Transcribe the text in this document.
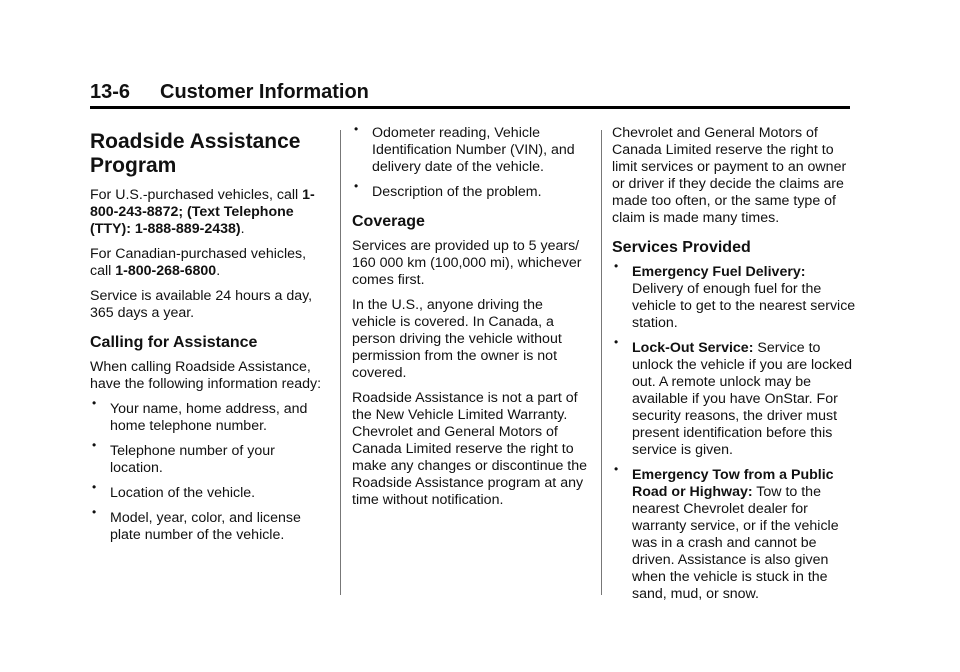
13-6 Customer Information
Roadside Assistance Program

For U.S.-purchased vehicles, call 1-800-243-8872; (Text Telephone (TTY): 1-888-889-2438).

For Canadian-purchased vehicles, call 1-800-268-6800.

Service is available 24 hours a day, 365 days a year.

Calling for Assistance

When calling Roadside Assistance, have the following information ready:

• Your name, home address, and home telephone number.
• Telephone number of your location.
• Location of the vehicle.
• Model, year, color, and license plate number of the vehicle.
• Odometer reading, Vehicle Identification Number (VIN), and delivery date of the vehicle.
• Description of the problem.
Coverage

Services are provided up to 5 years/ 160 000 km (100,000 mi), whichever comes first.

In the U.S., anyone driving the vehicle is covered. In Canada, a person driving the vehicle without permission from the owner is not covered.

Roadside Assistance is not a part of the New Vehicle Limited Warranty. Chevrolet and General Motors of Canada Limited reserve the right to make any changes or discontinue the Roadside Assistance program at any time without notification.

Chevrolet and General Motors of Canada Limited reserve the right to limit services or payment to an owner or driver if they decide the claims are made too often, or the same type of claim is made many times.

Services Provided
• Emergency Fuel Delivery: Delivery of enough fuel for the vehicle to get to the nearest service station.
• Lock-Out Service: Service to unlock the vehicle if you are locked out. A remote unlock may be available if you have OnStar. For security reasons, the driver must present identification before this service is given.
• Emergency Tow from a Public Road or Highway: Tow to the nearest Chevrolet dealer for warranty service, or if the vehicle was in a crash and cannot be driven. Assistance is also given when the vehicle is stuck in the sand, mud, or snow.
